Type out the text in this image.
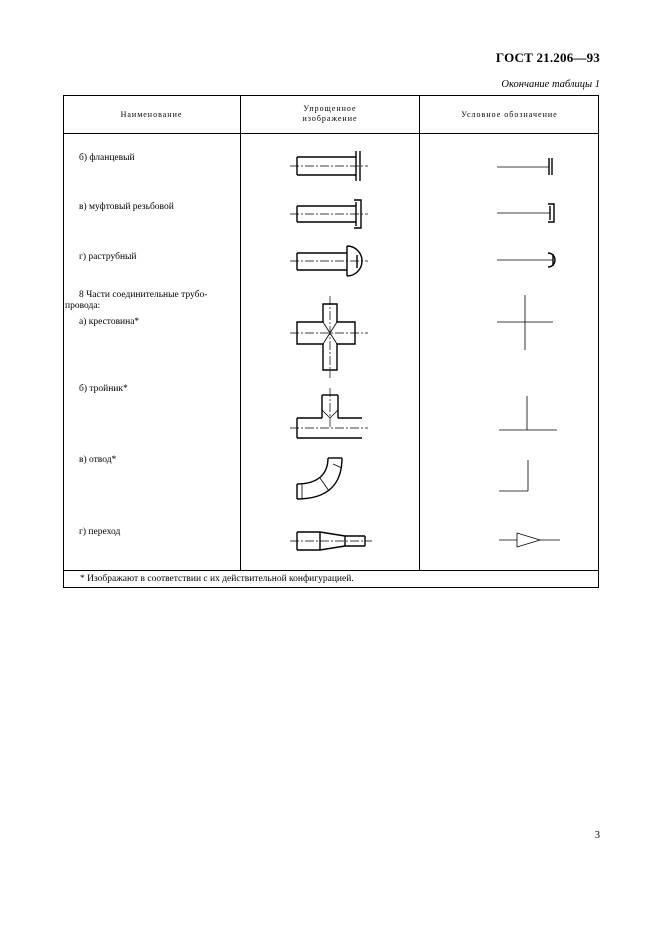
ГОСТ 21.206—93
Окончание таблицы 1
Наименование
Упрощенное изображение	Условное обозначение
б) фланцевый
в) муфтовый резьбовой
г) раструбный
8 Части соединительные трубо-
провода:
а) крестовина*
б) тройник*
в) отвод*
г) переход
* Изображают в соответствии с их действительной конфигурацией.
3
